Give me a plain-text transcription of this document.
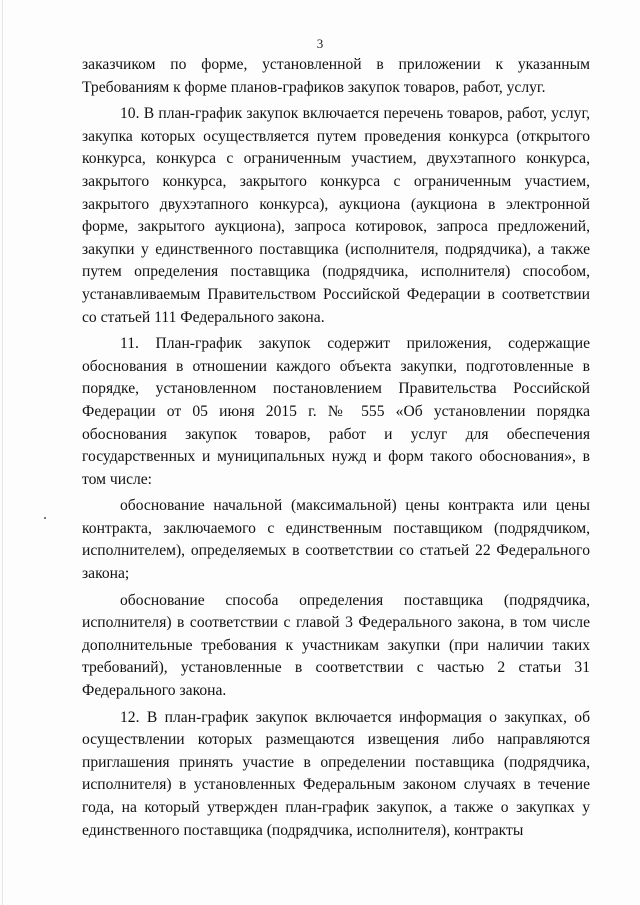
3

заказчиком по форме, установленной в приложении к указанным Требованиям к форме планов-графиков закупок товаров, работ, услуг.

10. В план-график закупок включается перечень товаров, работ, услуг, закупка которых осуществляется путем проведения конкурса (открытого конкурса, конкурса с ограниченным участием, двухэтапного конкурса, закрытого конкурса, закрытого конкурса с ограниченным участием, закрытого двухэтапного конкурса), аукциона (аукциона в электронной форме, закрытого аукциона), запроса котировок, запроса предложений, закупки у единственного поставщика (исполнителя, подрядчика), а также путем определения поставщика (подрядчика, исполнителя) способом, устанавливаемым Правительством Российской Федерации в соответствии со статьей 111 Федерального закона.

11. План-график закупок содержит приложения, содержащие обоснования в отношении каждого объекта закупки, подготовленные в порядке, установленном постановлением Правительства Российской Федерации от 05 июня 2015 г. № 555 «Об установлении порядка обоснования закупок товаров, работ и услуг для обеспечения государственных и муниципальных нужд и форм такого обоснования», в том числе:

обоснование начальной (максимальной) цены контракта или цены контракта, заключаемого с единственным поставщиком (подрядчиком, исполнителем), определяемых в соответствии со статьей 22 Федерального закона;

обоснование способа определения поставщика (подрядчика, исполнителя) в соответствии с главой 3 Федерального закона, в том числе дополнительные требования к участникам закупки (при наличии таких требований), установленные в соответствии с частью 2 статьи 31 Федерального закона.

12. В план-график закупок включается информация о закупках, об осуществлении которых размещаются извещения либо направляются приглашения принять участие в определении поставщика (подрядчика, исполнителя) в установленных Федеральным законом случаях в течение года, на который утвержден план-график закупок, а также о закупках у единственного поставщика (подрядчика, исполнителя), контракты
